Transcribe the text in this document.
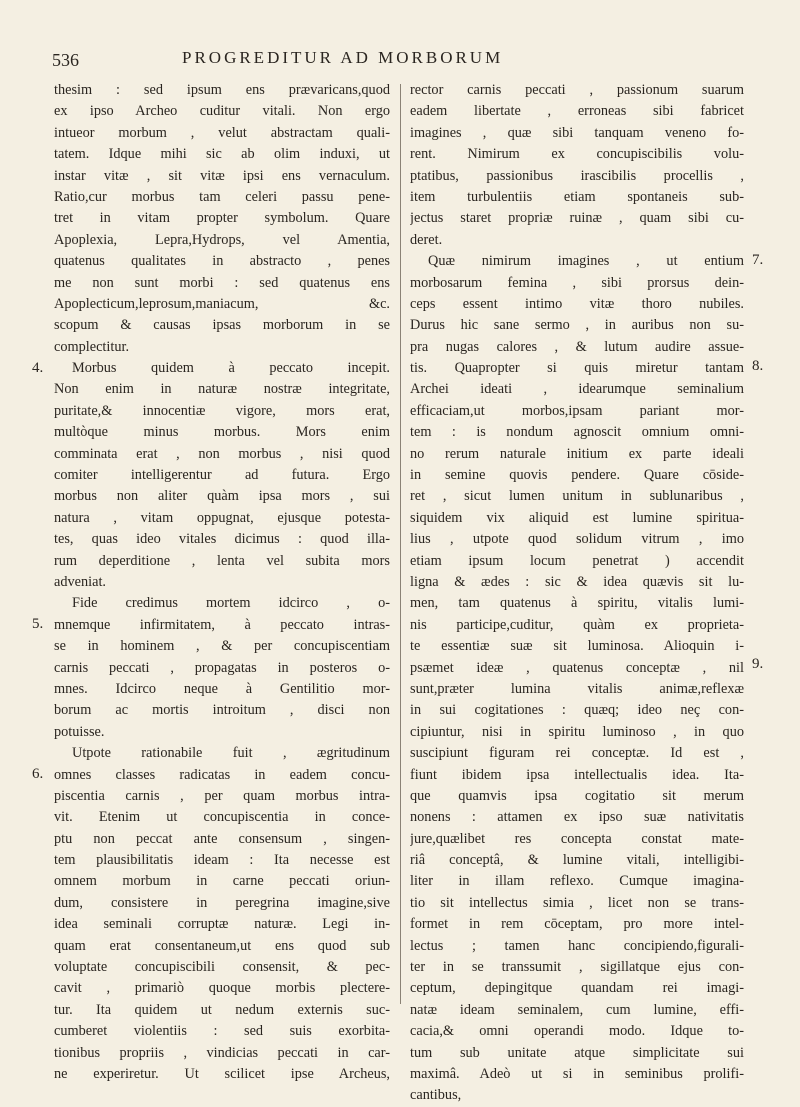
536	PROGREDITUR AD MORBORUM
thesim : sed ipsum ens prævaricans,quod
ex ipso Archeo cuditur vitali. Non ergo
intueor morbum , velut abstractam quali-
tatem. Idque mihi sic ab olim induxi, ut
instar vitæ , sit vitæ ipsi ens vernaculum.
Ratio,cur morbus tam celeri passu pene-
tret in vitam propter symbolum. Quare
Apoplexia, Lepra,Hydrops, vel Amentia,
quatenus qualitates in abstracto , penes
me non sunt morbi : sed quatenus ens
Apoplecticum,leprosum,maniacum, &c.
scopum & causas ipsas morborum in se
complectitur.
Morbus quidem à peccato incepit.
Non enim in naturæ nostræ integritate,
puritate,& innocentiæ vigore, mors erat,
multòque minus morbus. Mors enim
comminata erat , non morbus , nisi quod
comiter intelligerentur ad futura. Ergo
morbus non aliter quàm ipsa mors , sui
natura , vitam oppugnat, ejusque potesta-
tes, quas ideo vitales dicimus : quod illa-
rum deperditione , lenta vel subita mors
adveniat.
Fide credimus mortem idcirco , o-
mnemque infirmitatem, à peccato intras-
se in hominem , & per concupiscentiam
carnis peccati , propagatas in posteros o-
mnes. Idcirco neque à Gentilitio mor-
borum ac mortis introitum , disci non
potuisse.
Utpote rationabile fuit , ægritudinum
omnes classes radicatas in eadem concu-
piscentia carnis , per quam morbus intra-
vit. Etenim ut concupiscentia in conce-
ptu non peccat ante consensum , singen-
tem plausibilitatis ideam : Ita necesse est
omnem morbum in carne peccati oriun-
dum, consistere in peregrina imagine,sive
idea seminali corruptæ naturæ. Legi in-
quam erat consentaneum,ut ens quod sub
voluptate concupiscibili consensit, & pec-
cavit , primariò quoque morbis plectere-
tur. Ita quidem ut nedum externis suc-
cumberet violentiis : sed suis exorbita-
tionibus propriis , vindicias peccati in car-
ne experiretur. Ut scilicet ipse Archeus,
rector carnis peccati , passionum suarum
eadem libertate , erroneas sibi fabricet
imagines , quæ sibi tanquam veneno fo-
rent. Nimirum ex concupiscibilis volu-
ptatibus, passionibus irascibilis procellis ,
item turbulentiis etiam spontaneis sub-
jectus staret propriæ ruinæ , quam sibi cu-
deret.
Quæ nimirum imagines , ut entium
morbosarum femina , sibi prorsus dein-
ceps essent intimo vitæ thoro nubiles.
Durus hic sane sermo , in auribus non su-
pra nugas calores , & lutum audire assue-
tis. Quapropter si quis miretur tantam
Archei ideati , idearumque seminalium
efficaciam,ut morbos,ipsam pariant mor-
tem : is nondum agnoscit omnium omni-
no rerum naturale initium ex parte ideali
in semine quovis pendere. Quare cōside-
ret , sicut lumen unitum in sublunaribus ,
siquidem vix aliquid est lumine spiritua-
lius , utpote quod solidum vitrum , imo
etiam ipsum locum penetrat ) accendit
ligna & ædes : sic & idea quævis sit lu-
men, tam quatenus à spiritu, vitalis lumi-
nis participe,cuditur, quàm ex proprieta-
te essentiæ suæ sit luminosa. Alioquin i-
psæmet ideæ , quatenus conceptæ , nil
sunt,præter lumina vitalis animæ,reflexæ
in sui cogitationes : quæq; ideo neç con-
cipiuntur, nisi in spiritu luminoso , in quo
suscipiunt figuram rei conceptæ. Id est ,
fiunt ibidem ipsa intellectualis idea. Ita-
que quamvis ipsa cogitatio sit merum
nonens : attamen ex ipso suæ nativitatis
jure,quælibet res concepta constat mate-
riâ conceptâ, & lumine vitali, intelligibi-
liter in illam reflexo. Cumque imagina-
tio sit intellectus simia , licet non se trans-
formet in rem cōceptam, pro more intel-
lectus ; tamen hanc concipiendo,figurali-
ter in se transsumit , sigillatque ejus con-
ceptum, depingitque quandam rei imagi-
natæ ideam seminalem, cum lumine, effi-
cacia,& omni operandi modo. Idque to-
tum sub unitate atque simplicitate sui
maximâ. Adeò ut si in seminibus prolifi-
cantibus,
4.
5.
6.
7.
8.
9.
